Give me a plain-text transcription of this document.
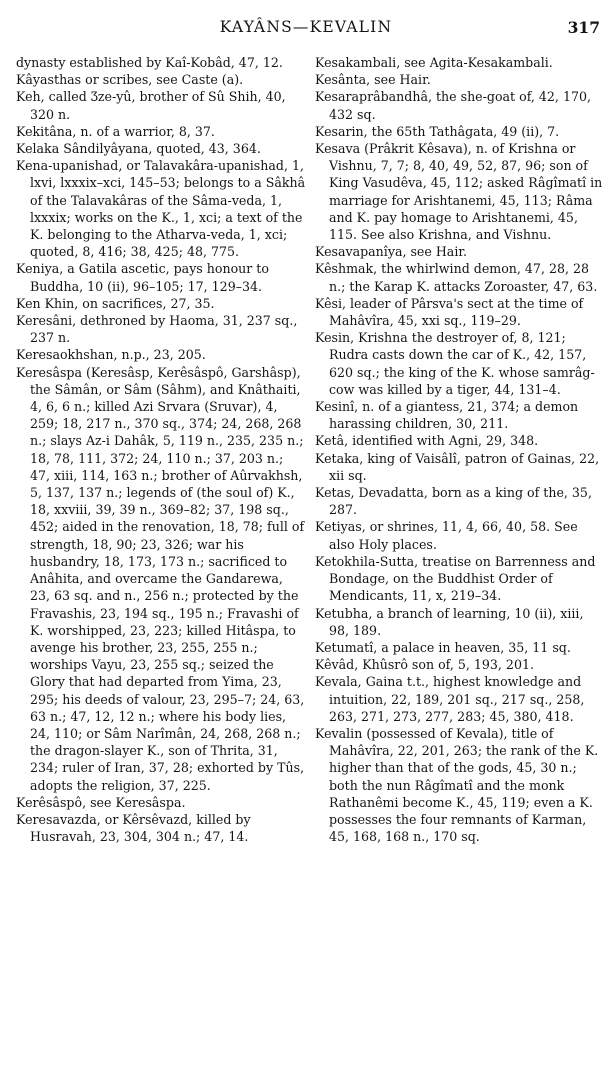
KAYÂNS—KEVALIN	317

dynasty established by Kaî-Kobâd, 47, 12.

Kâyasthas or scribes, see Caste (a).

Keh, called Ʒze-yû, brother of Sû Shih, 40, 320 n.

Kekitâna, n. of a warrior, 8, 37.

Kelaka Sândilyâyana, quoted, 43, 364.

Kena-upanishad, or Talavakâra-upanishad, 1, lxvi, lxxxix–xci, 145–53; belongs to a Sâkhâ of the Talavakâras of the Sâma-veda, 1, lxxxix; works on the K., 1, xci; a text of the K. belonging to the Atharva-veda, 1, xci; quoted, 8, 416; 38, 425; 48, 775.

Keniya, a Gatila ascetic, pays honour to Buddha, 10 (ii), 96–105; 17, 129–34.

Ken Khin, on sacrifices, 27, 35.

Keresâni, dethroned by Haoma, 31, 237 sq., 237 n.

Keresaokhshan, n.p., 23, 205.

Keresâspa (Keresâsp, Kerêsâspô, Garshâsp), the Sâmân, or Sâm (Sâhm), and Knâthaiti, 4, 6, 6 n.; killed Azi Srvara (Sruvar), 4, 259; 18, 217 n., 370 sq., 374; 24, 268, 268 n.; slays Az-i Dahâk, 5, 119 n., 235, 235 n.; 18, 78, 111, 372; 24, 110 n.; 37, 203 n.; 47, xiii, 114, 163 n.; brother of Aûrvakhsh, 5, 137, 137 n.; legends of (the soul of) K., 18, xxviii, 39, 39 n., 369–82; 37, 198 sq., 452; aided in the renovation, 18, 78; full of strength, 18, 90; 23, 326; war his husbandry, 18, 173, 173 n.; sacrificed to Anâhita, and overcame the Gandarewa, 23, 63 sq. and n., 256 n.; protected by the Fravashis, 23, 194 sq., 195 n.; Fravashi of K. worshipped, 23, 223; killed Hitâspa, to avenge his brother, 23, 255, 255 n.; worships Vayu, 23, 255 sq.; seized the Glory that had departed from Yima, 23, 295; his deeds of valour, 23, 295–7; 24, 63, 63 n.; 47, 12, 12 n.; where his body lies, 24, 110; or Sâm Narîmân, 24, 268, 268 n.; the dragon-slayer K., son of Thrita, 31, 234; ruler of Iran, 37, 28; exhorted by Tûs, adopts the religion, 37, 225.

Kerêsâspô, see Keresâspa.

Keresavazda, or Kêrsêvazd, killed by Husravah, 23, 304, 304 n.; 47, 14.

Kesakambali, see Agita-Kesakambali.

Kesânta, see Hair.

Kesaraprâbandhâ, the she-goat of, 42, 170, 432 sq.

Kesarin, the 65th Tathâgata, 49 (ii), 7.

Kesava (Prâkrit Kêsava), n. of Krishna or Vishnu, 7, 7; 8, 40, 49, 52, 87, 96; son of King Vasudêva, 45, 112; asked Râgîmatî in marriage for Arishtanemi, 45, 113; Râma and K. pay homage to Arishtanemi, 45, 115. See also Krishna, and Vishnu.

Kesavapanîya, see Hair.

Kêshmak, the whirlwind demon, 47, 28, 28 n.; the Karap K. attacks Zoroaster, 47, 63.

Kêsi, leader of Pârsva's sect at the time of Mahâvîra, 45, xxi sq., 119–29.

Kesin, Krishna the destroyer of, 8, 121; Rudra casts down the car of K., 42, 157, 620 sq.; the king of the K. whose samrâg-cow was killed by a tiger, 44, 131–4.

Kesinî, n. of a giantess, 21, 374; a demon harassing children, 30, 211.

Ketâ, identified with Agni, 29, 348.

Ketaka, king of Vaisâlî, patron of Gainas, 22, xii sq.

Ketas, Devadatta, born as a king of the, 35, 287.

Ketiyas, or shrines, 11, 4, 66, 40, 58. See also Holy places.

Ketokhila-Sutta, treatise on Barrenness and Bondage, on the Buddhist Order of Mendicants, 11, x, 219–34.

Ketubha, a branch of learning, 10 (ii), xiii, 98, 189.

Ketumatî, a palace in heaven, 35, 11 sq.

Kêvâd, Khûsrô son of, 5, 193, 201.

Kevala, Gaina t.t., highest knowledge and intuition, 22, 189, 201 sq., 217 sq., 258, 263, 271, 273, 277, 283; 45, 380, 418.

Kevalin (possessed of Kevala), title of Mahâvîra, 22, 201, 263; the rank of the K. higher than that of the gods, 45, 30 n.; both the nun Râgîmatî and the monk Rathanêmi become K., 45, 119; even a K. possesses the four remnants of Karman, 45, 168, 168 n., 170 sq.
